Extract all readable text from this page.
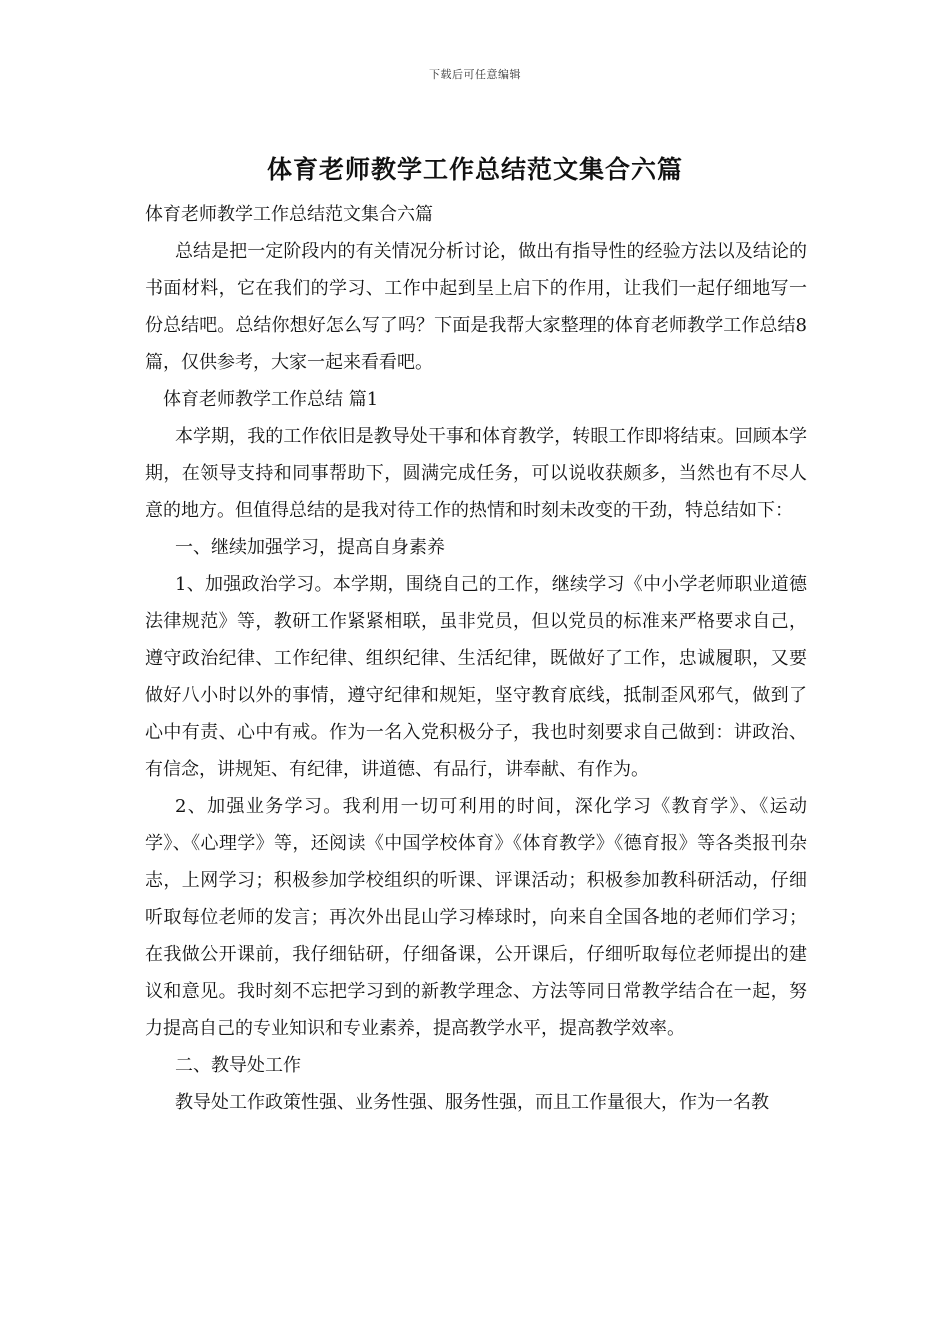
下载后可任意编辑
体育老师教学工作总结范文集合六篇

体育老师教学工作总结范文集合六篇

总结是把一定阶段内的有关情况分析讨论，做出有指导性的经验方法以及结论的书面材料，它在我们的学习、工作中起到呈上启下的作用，让我们一起仔细地写一份总结吧。总结你想好怎么写了吗？下面是我帮大家整理的体育老师教学工作总结8篇，仅供参考，大家一起来看看吧。

体育老师教学工作总结 篇1

本学期，我的工作依旧是教导处干事和体育教学，转眼工作即将结束。回顾本学期，在领导支持和同事帮助下，圆满完成任务，可以说收获颇多，当然也有不尽人意的地方。但值得总结的是我对待工作的热情和时刻未改变的干劲，特总结如下：

一、继续加强学习，提高自身素养

1、加强政治学习。本学期，围绕自己的工作，继续学习《中小学老师职业道德法律规范》等，教研工作紧紧相联，虽非党员，但以党员的标准来严格要求自己，遵守政治纪律、工作纪律、组织纪律、生活纪律，既做好了工作，忠诚履职，又要做好八小时以外的事情，遵守纪律和规矩，坚守教育底线，抵制歪风邪气，做到了心中有责、心中有戒。作为一名入党积极分子，我也时刻要求自己做到：讲政治、有信念，讲规矩、有纪律，讲道德、有品行，讲奉献、有作为。

2、加强业务学习。我利用一切可利用的时间，深化学习《教育学》、《运动学》、《心理学》等，还阅读《中国学校体育》《体育教学》《德育报》等各类报刊杂志，上网学习；积极参加学校组织的听课、评课活动；积极参加教科研活动，仔细听取每位老师的发言；再次外出昆山学习棒球时，向来自全国各地的老师们学习；在我做公开课前，我仔细钻研，仔细备课，公开课后，仔细听取每位老师提出的建议和意见。我时刻不忘把学习到的新教学理念、方法等同日常教学结合在一起，努力提高自己的专业知识和专业素养，提高教学水平，提高教学效率。

二、教导处工作

教导处工作政策性强、业务性强、服务性强，而且工作量很大，作为一名教
